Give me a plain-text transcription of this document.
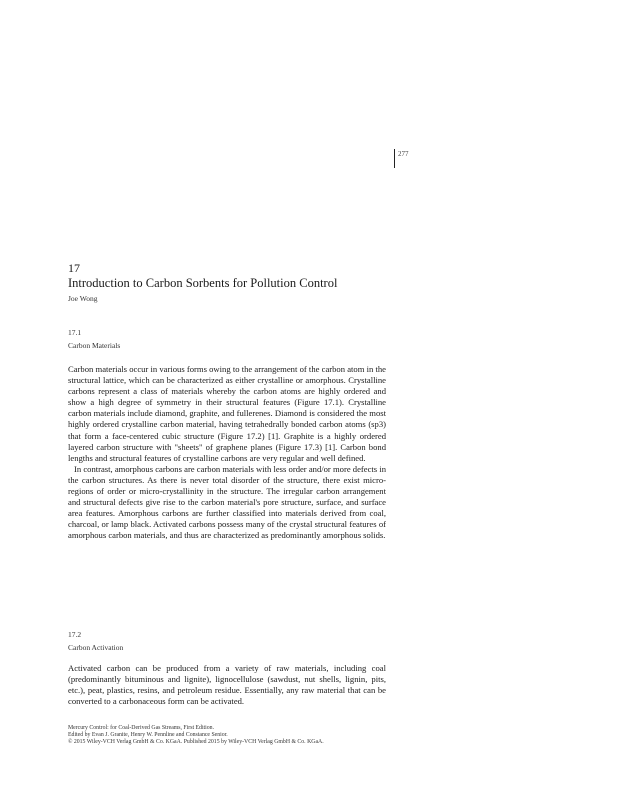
277
17
Introduction to Carbon Sorbents for Pollution Control
Joe Wong
17.1
Carbon Materials

Carbon materials occur in various forms owing to the arrangement of the carbon atom in the structural lattice, which can be characterized as either crystalline or amorphous. Crystalline carbons represent a class of materials whereby the carbon atoms are highly ordered and show a high degree of symmetry in their structural features (Figure 17.1). Crystalline carbon materials include diamond, graphite, and fullerenes. Diamond is considered the most highly ordered crystalline carbon material, having tetrahedrally bonded carbon atoms (sp3) that form a face-centered cubic structure (Figure 17.2) [1]. Graphite is a highly ordered layered carbon structure with "sheets" of graphene planes (Figure 17.3) [1]. Carbon bond lengths and structural features of crystalline carbons are very regular and well defined.

In contrast, amorphous carbons are carbon materials with less order and/or more defects in the carbon structures. As there is never total disorder of the structure, there exist micro-regions of order or micro-crystallinity in the structure. The irregular carbon arrangement and structural defects give rise to the carbon material's pore structure, surface, and surface area features. Amorphous carbons are further classified into materials derived from coal, charcoal, or lamp black. Activated carbons possess many of the crystal structural features of amorphous carbon materials, and thus are characterized as predominantly amorphous solids.

17.2
Carbon Activation

Activated carbon can be produced from a variety of raw materials, including coal (predominantly bituminous and lignite), lignocellulose (sawdust, nut shells, lignin, pits, etc.), peat, plastics, resins, and petroleum residue. Essentially, any raw material that can be converted to a carbonaceous form can be activated.

Mercury Control: for Coal-Derived Gas Streams, First Edition.
Edited by Evan J. Granite, Henry W. Pennline and Constance Senior.
© 2015 Wiley-VCH Verlag GmbH & Co. KGaA. Published 2015 by Wiley-VCH Verlag GmbH & Co. KGaA.
